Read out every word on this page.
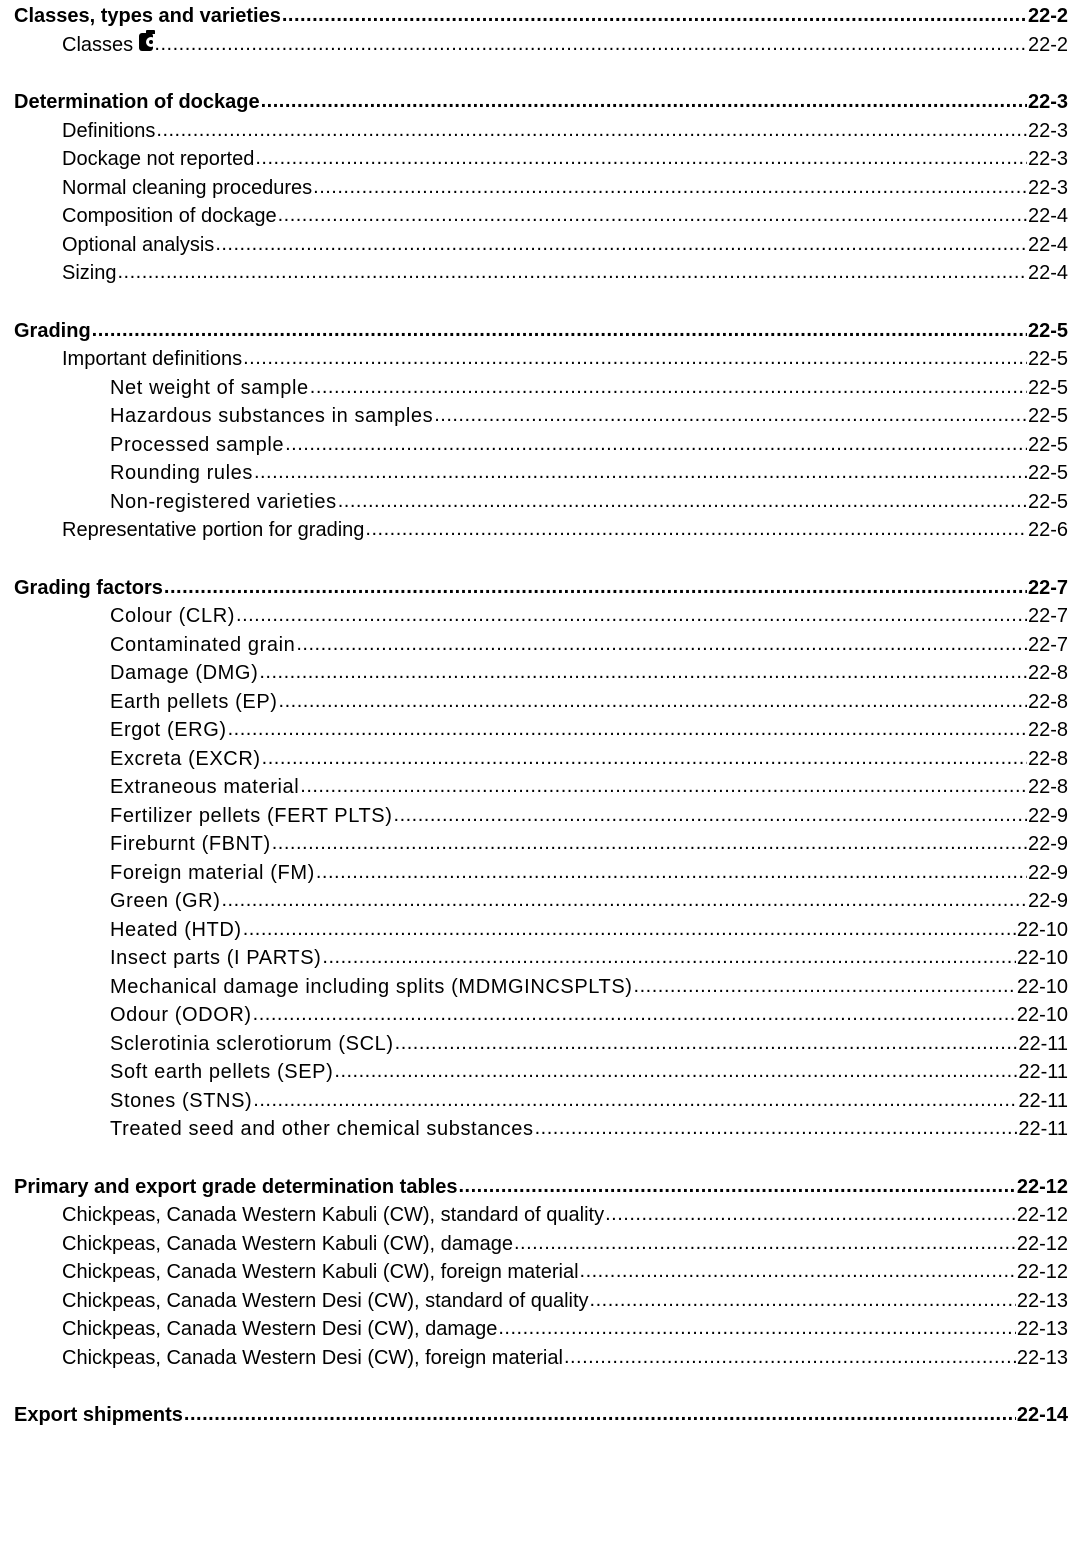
Classes, types and varieties .....	22-2
Classes .....	22-2
Determination of dockage .....	22-3
Definitions .....	22-3
Dockage not reported .....	22-3
Normal cleaning procedures .....	22-3
Composition of dockage .....	22-4
Optional analysis .....	22-4
Sizing .....	22-4
Grading .....	22-5
Important definitions .....	22-5
Net weight of sample .....	22-5
Hazardous substances in samples .....	22-5
Processed sample .....	22-5
Rounding rules .....	22-5
Non-registered varieties .....	22-5
Representative portion for grading .....	22-6
Grading factors .....	22-7
Colour (CLR) .....	22-7
Contaminated grain .....	22-7
Damage (DMG) .....	22-8
Earth pellets (EP) .....	22-8
Ergot (ERG) .....	22-8
Excreta (EXCR) .....	22-8
Extraneous material .....	22-8
Fertilizer pellets (FERT PLTS) .....	22-9
Fireburnt (FBNT) .....	22-9
Foreign material (FM) .....	22-9
Green (GR) .....	22-9
Heated (HTD) .....	22-10
Insect parts (I PARTS) .....	22-10
Mechanical damage including splits (MDMGINCSPLTS) .....	22-10
Odour (ODOR) .....	22-10
Sclerotinia sclerotiorum (SCL) .....	22-11
Soft earth pellets (SEP) .....	22-11
Stones (STNS) .....	22-11
Treated seed and other chemical substances .....	22-11
Primary and export grade determination tables .....	22-12
Chickpeas, Canada Western Kabuli (CW), standard of quality .....	22-12
Chickpeas, Canada Western Kabuli (CW), damage .....	22-12
Chickpeas, Canada Western Kabuli (CW), foreign material .....	22-12
Chickpeas, Canada Western Desi (CW), standard of quality .....	22-13
Chickpeas, Canada Western Desi (CW), damage .....	22-13
Chickpeas, Canada Western Desi (CW), foreign material .....	22-13
Export shipments .....	22-14
